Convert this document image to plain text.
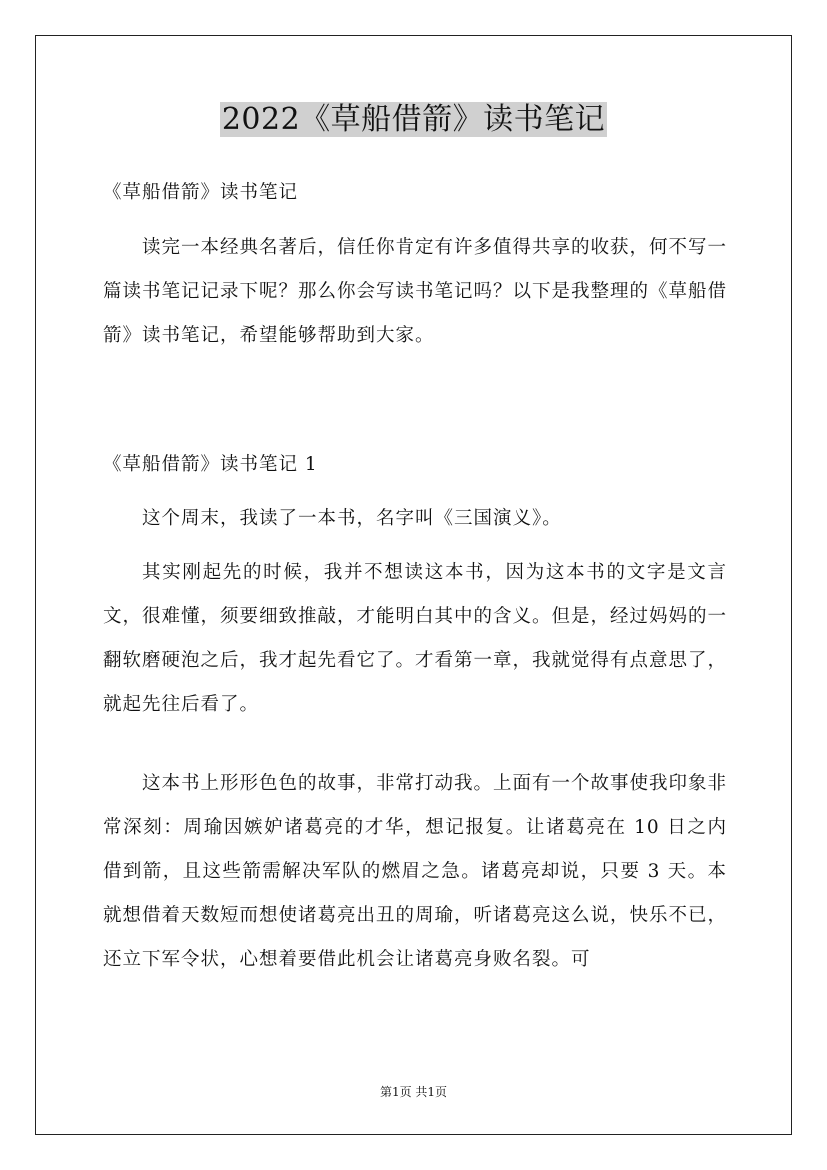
2022《草船借箭》读书笔记

《草船借箭》读书笔记

读完一本经典名著后，信任你肯定有许多值得共享的收获，何不写一篇读书笔记记录下呢？那么你会写读书笔记吗？以下是我整理的《草船借箭》读书笔记，希望能够帮助到大家。

《草船借箭》读书笔记 1

这个周末，我读了一本书，名字叫《三国演义》。

其实刚起先的时候，我并不想读这本书，因为这本书的文字是文言文，很难懂，须要细致推敲，才能明白其中的含义。但是，经过妈妈的一翻软磨硬泡之后，我才起先看它了。才看第一章，我就觉得有点意思了，就起先往后看了。

这本书上形形色色的故事，非常打动我。上面有一个故事使我印象非常深刻：周瑜因嫉妒诸葛亮的才华，想记报复。让诸葛亮在 10 日之内借到箭，且这些箭需解决军队的燃眉之急。诸葛亮却说，只要 3 天。本就想借着天数短而想使诸葛亮出丑的周瑜，听诸葛亮这么说，快乐不已，还立下军令状，心想着要借此机会让诸葛亮身败名裂。可

第1页 共1页
